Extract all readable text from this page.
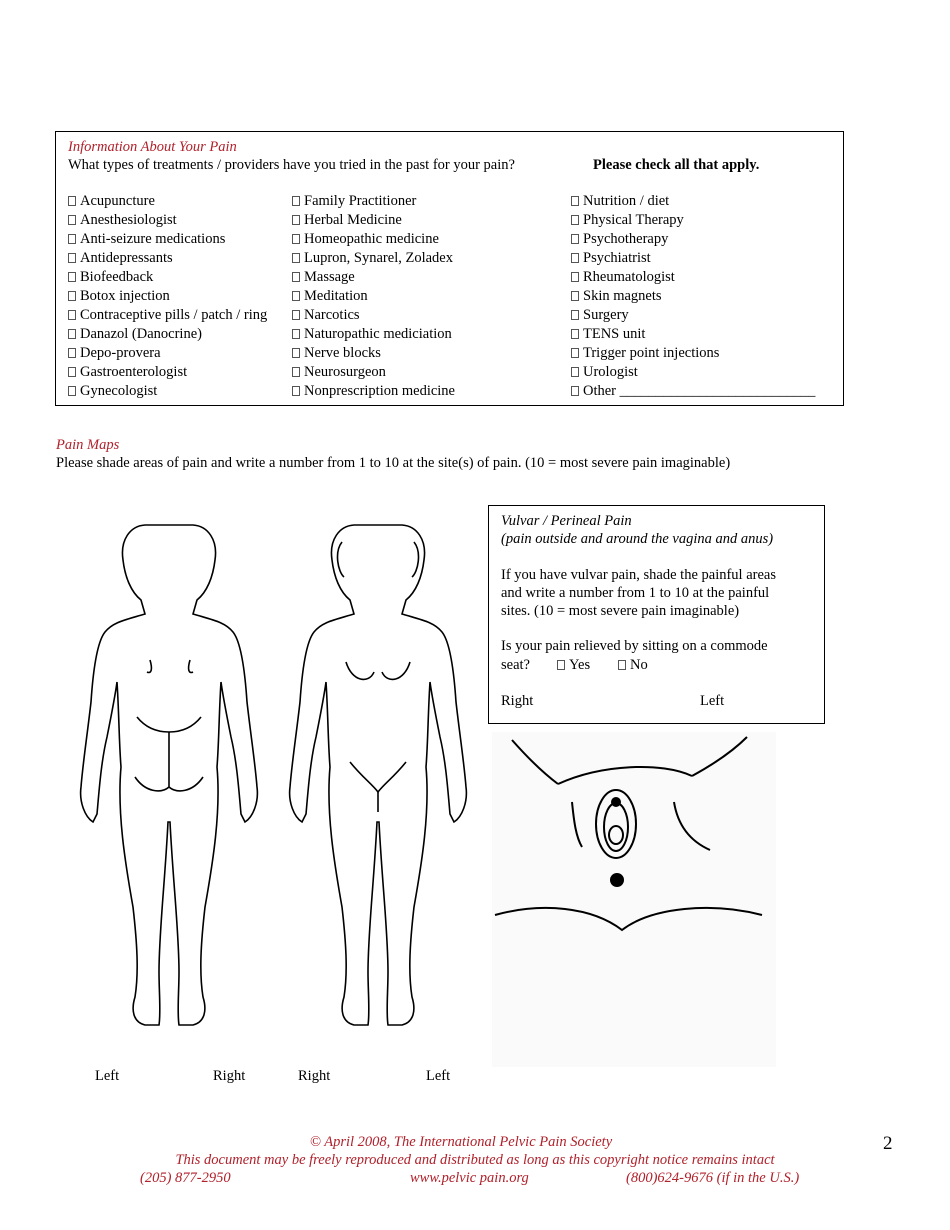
Information About Your Pain
What types of treatments / providers have you tried in the past for your pain?	Please check all that apply.
Acupuncture
Anesthesiologist
Anti-seizure medications
Antidepressants
Biofeedback
Botox injection
Contraceptive pills / patch / ring
Danazol (Danocrine)
Depo-provera
Gastroenterologist
Gynecologist
Family Practitioner
Herbal Medicine
Homeopathic medicine
Lupron, Synarel, Zoladex
Massage
Meditation
Narcotics
Naturopathic mediciation
Nerve blocks
Neurosurgeon
Nonprescription medicine
Nutrition / diet
Physical Therapy
Psychotherapy
Psychiatrist
Rheumatologist
Skin magnets
Surgery
TENS unit
Trigger point injections
Urologist
Other ___________________________
Pain Maps
Please shade areas of pain and write a number from 1 to 10 at the site(s) of pain. (10 = most severe pain imaginable)
Left	Right	Right	Left
Vulvar / Perineal Pain
(pain outside and around the vagina and anus)
If you have vulvar pain, shade the painful areas
and write a number from 1 to 10 at the painful
sites. (10 = most severe pain imaginable)
Is your pain relieved by sitting on a commode
seat?	Yes	No
Right	Left
© April 2008, The International Pelvic Pain Society
This document may be freely reproduced and distributed as long as this copyright notice remains intact
(205) 877-2950	www.pelvic pain.org	(800)624-9676 (if in the U.S.)
2
